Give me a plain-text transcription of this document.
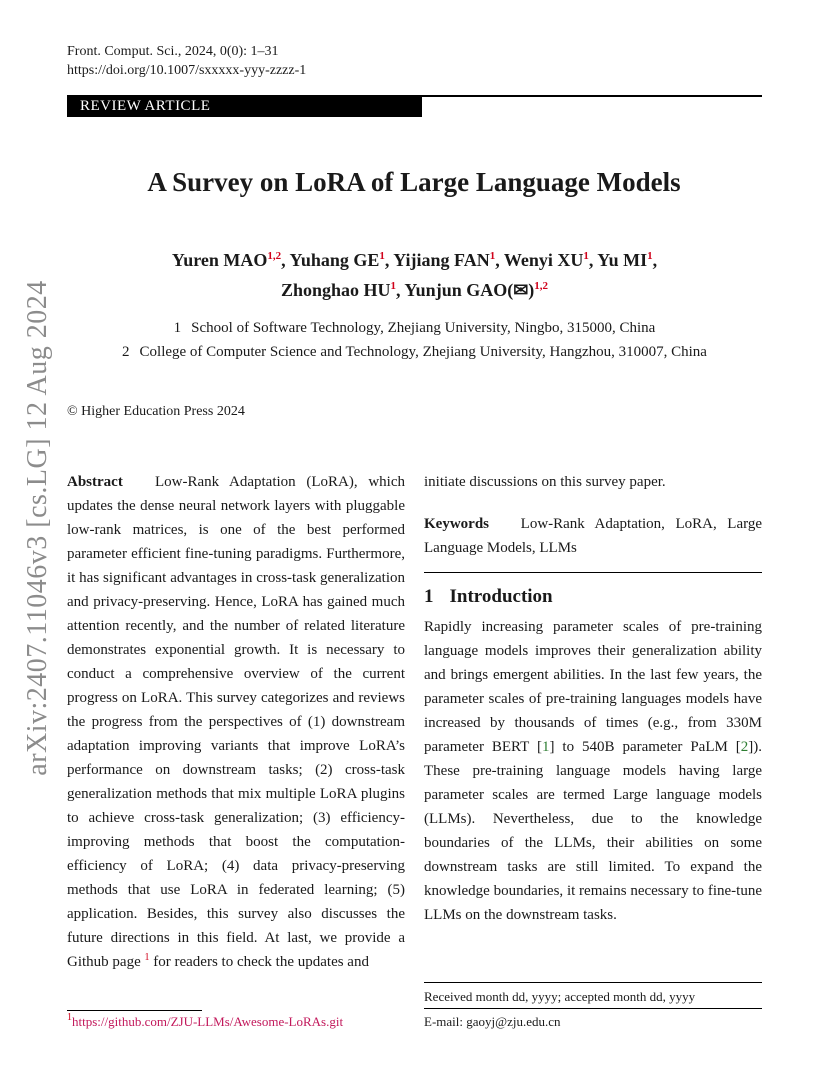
Front. Comput. Sci., 2024, 0(0): 1–31
https://doi.org/10.1007/sxxxxx-yyy-zzzz-1
REVIEW ARTICLE
A Survey on LoRA of Large Language Models
Yuren MAO$^{1,2}$, Yuhang $GE^1$, Yijiang FAN$^1$, Wenyi $XU^1$, Yu $MI^1$,
Zhonghao $HU^1$, Yunjun GAO(✉)$^{1,2}$
1 School of Software Technology, Zhejiang University, Ningbo, 315000, China
2 College of Computer Science and Technology, Zhejiang University, Hangzhou, 310007, China
© Higher Education Press 2024
arXiv:2407.11046v3 [cs.LG] 12 Aug 2024 Abstract Low-Rank Adaptation (LoRA), which updates the dense neural network layers with pluggable low-rank matrices, is one of the best performed parameter efficient fine-tuning paradigms. Furthermore, it has significant advantages in cross-task generalization and privacy-preserving. Hence, LoRA has gained much attention recently, and the number of related literature demonstrates exponential growth. It is necessary to conduct a comprehensive overview of the current progress on LoRA. This survey categorizes and reviews the progress from the perspectives of (1) downstream adaptation improving variants that improve LoRA’s performance on downstream tasks; (2) cross-task generalization methods that mix multiple LoRA plugins to achieve cross-task generalization; (3) efficiency-improving methods that boost the computation-efficiency of LoRA; (4) data privacy-preserving methods that use LoRA in federated learning; (5) application. Besides, this survey also discusses the future directions in this field. At last, we provide a Github page $^1$ for readers to check the updates and
initiate discussions on this survey paper.
Keywords Low-Rank Adaptation, LoRA, Large Language Models, LLMs
1 Introduction
Rapidly increasing parameter scales of pre-training language models improves their generalization ability and brings emergent abilities. In the last few years, the parameter scales of pre-training languages models have increased by thousands of times (e.g., from 330M parameter BERT [1] to 540B parameter PaLM [2]). These pre-training language models having large parameter scales are termed Large language models (LLMs). Nevertheless, due to the knowledge boundaries of the LLMs, their abilities on some downstream tasks are still limited. To expand the knowledge boundaries, it remains necessary to fine-tune LLMs on the downstream tasks.
Received month dd, yyyy; accepted month dd, yyyy
E-mail: gaoyj@zju.edu.cn
$^1$https://github.com/ZJU-LLMs/Awesome-LoRAs.git
